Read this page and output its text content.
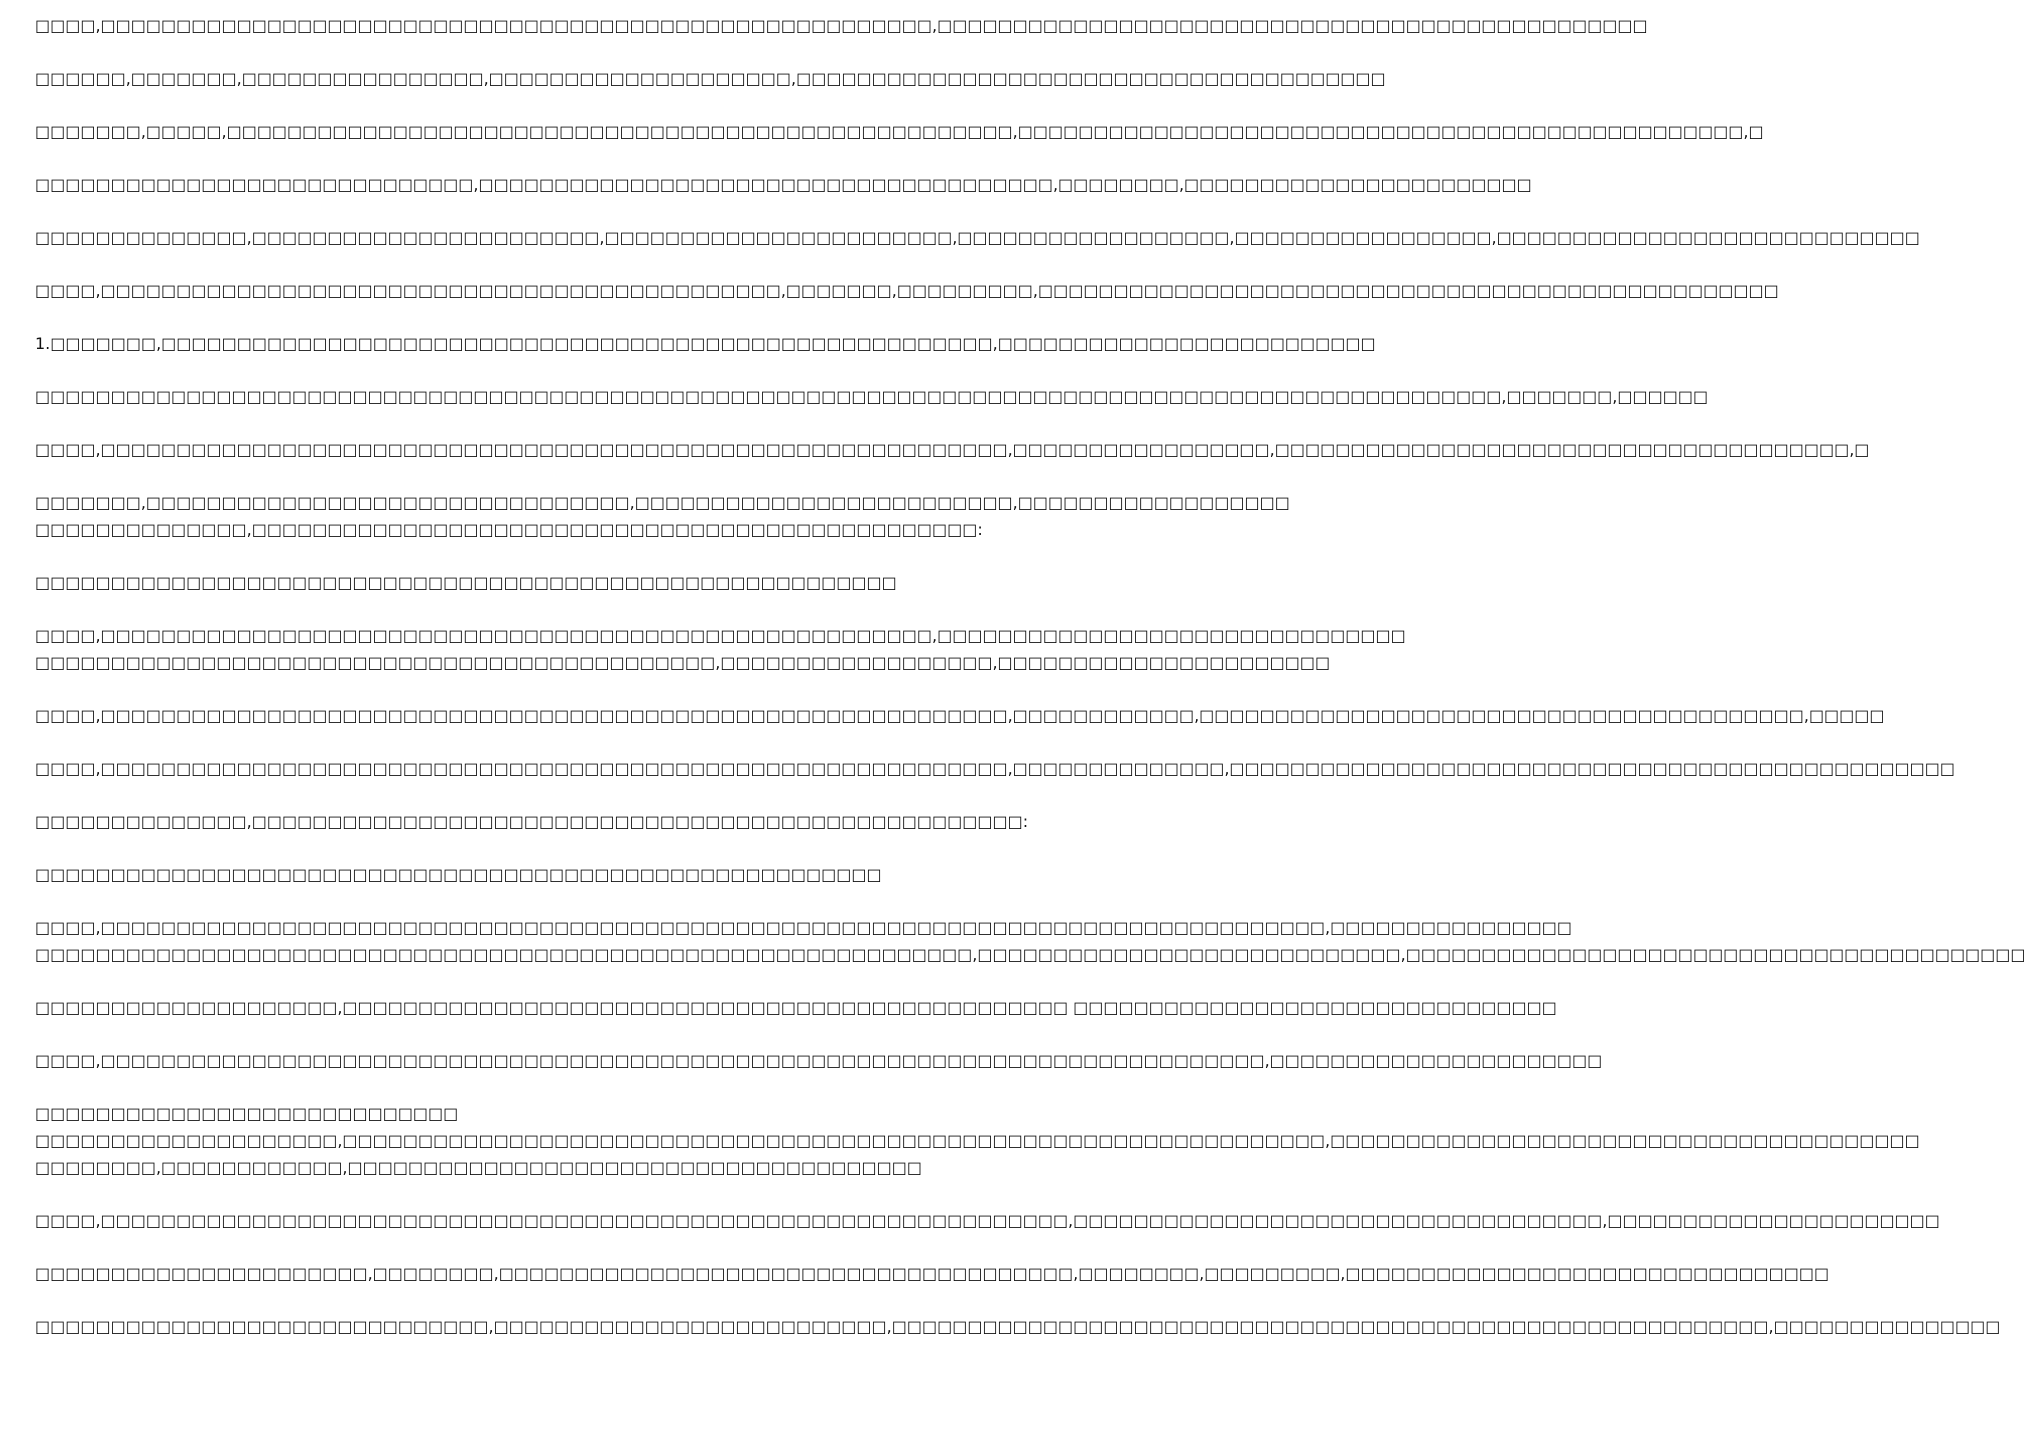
□□□□,□□□□□□□□□□□□□□□□□□□□□□□□□□□□□□□□□□□□□□□□□□□□□□□□□□□□□□□,□□□□□□□□□□□□□□□□□□□□□□□□□□□□□□□□□□□□□□□□□□□□□□□

□□□□□□,□□□□□□□,□□□□□□□□□□□□□□□□,□□□□□□□□□□□□□□□□□□□□,□□□□□□□□□□□□□□□□□□□□□□□□□□□□□□□□□□□□□□□

□□□□□□□,□□□□□,□□□□□□□□□□□□□□□□□□□□□□□□□□□□□□□□□□□□□□□□□□□□□□□□□□□□,□□□□□□□□□□□□□□□□□□□□□□□□□□□□□□□□□□□□□□□□□□□□□□□□,□

□□□□□□□□□□□□□□□□□□□□□□□□□□□□□,□□□□□□□□□□□□□□□□□□□□□□□□□□□□□□□□□□□□□□,□□□□□□□□,□□□□□□□□□□□□□□□□□□□□□□□

□□□□□□□□□□□□□□,□□□□□□□□□□□□□□□□□□□□□□□,□□□□□□□□□□□□□□□□□□□□□□□,□□□□□□□□□□□□□□□□□□,□□□□□□□□□□□□□□□□□,□□□□□□□□□□□□□□□□□□□□□□□□□□□□

□□□□,□□□□□□□□□□□□□□□□□□□□□□□□□□□□□□□□□□□□□□□□□□□□□,□□□□□□□,□□□□□□□□□,□□□□□□□□□□□□□□□□□□□□□□□□□□□□□□□□□□□□□□□□□□□□□□□□□

1.□□□□□□□,□□□□□□□□□□□□□□□□□□□□□□□□□□□□□□□□□□□□□□□□□□□□□□□□□□□□□□□,□□□□□□□□□□□□□□□□□□□□□□□□□

□□□□□□□□□□□□□□□□□□□□□□□□□□□□□□□□□□□□□□□□□□□□□□□□□□□□□□□□□□□□□□□□□□□□□□□□□□□□□□□□□□□□□□□□□□□□□□□□□,□□□□□□□,□□□□□□

□□□□,□□□□□□□□□□□□□□□□□□□□□□□□□□□□□□□□□□□□□□□□□□□□□□□□□□□□□□□□□□□□,□□□□□□□□□□□□□□□□□,□□□□□□□□□□□□□□□□□□□□□□□□□□□□□□□□□□□□□□,□

□□□□□□□,□□□□□□□□□□□□□□□□□□□□□□□□□□□□□□□□,□□□□□□□□□□□□□□□□□□□□□□□□□,□□□□□□□□□□□□□□□□□□
□□□□□□□□□□□□□□,□□□□□□□□□□□□□□□□□□□□□□□□□□□□□□□□□□□□□□□□□□□□□□□□:

□□□□□□□□□□□□□□□□□□□□□□□□□□□□□□□□□□□□□□□□□□□□□□□□□□□□□□□□□

□□□□,□□□□□□□□□□□□□□□□□□□□□□□□□□□□□□□□□□□□□□□□□□□□□□□□□□□□□□□,□□□□□□□□□□□□□□□□□□□□□□□□□□□□□□□
□□□□□□□□□□□□□□□□□□□□□□□□□□□□□□□□□□□□□□□□□□□□□,□□□□□□□□□□□□□□□□□□,□□□□□□□□□□□□□□□□□□□□□□

□□□□,□□□□□□□□□□□□□□□□□□□□□□□□□□□□□□□□□□□□□□□□□□□□□□□□□□□□□□□□□□□□,□□□□□□□□□□□□,□□□□□□□□□□□□□□□□□□□□□□□□□□□□□□□□□□□□□□□□,□□□□□

□□□□,□□□□□□□□□□□□□□□□□□□□□□□□□□□□□□□□□□□□□□□□□□□□□□□□□□□□□□□□□□□□,□□□□□□□□□□□□□□,□□□□□□□□□□□□□□□□□□□□□□□□□□□□□□□□□□□□□□□□□□□□□□□□

□□□□□□□□□□□□□□,□□□□□□□□□□□□□□□□□□□□□□□□□□□□□□□□□□□□□□□□□□□□□□□□□□□:

□□□□□□□□□□□□□□□□□□□□□□□□□□□□□□□□□□□□□□□□□□□□□□□□□□□□□□□□

□□□□,□□□□□□□□□□□□□□□□□□□□□□□□□□□□□□□□□□□□□□□□□□□□□□□□□□□□□□□□□□□□□□□□□□□□□□□□□□□□□□□□□,□□□□□□□□□□□□□□□□
□□□□□□□□□□□□□□□□□□□□□□□□□□□□□□□□□□□□□□□□□□□□□□□□□□□□□□□□□□□□□□,□□□□□□□□□□□□□□□□□□□□□□□□□□□□,□□□□□□□□□□□□□□□□□□□□□□□□□□□□□□□□□□□□□□□□□

□□□□□□□□□□□□□□□□□□□□,□□□□□□□□□□□□□□□□□□□□□□□□□□□□□□□□□□□□□□□□□□□□□□□□ □□□□□□□□□□□□□□□□□□□□□□□□□□□□□□□□

□□□□,□□□□□□□□□□□□□□□□□□□□□□□□□□□□□□□□□□□□□□□□□□□□□□□□□□□□□□□□□□□□□□□□□□□□□□□□□□□□□,□□□□□□□□□□□□□□□□□□□□□□

□□□□□□□□□□□□□□□□□□□□□□□□□□□□
□□□□□□□□□□□□□□□□□□□□,□□□□□□□□□□□□□□□□□□□□□□□□□□□□□□□□□□□□□□□□□□□□□□□□□□□□□□□□□□□□□□□□□,□□□□□□□□□□□□□□□□□□□□□□□□□□□□□□□□□□□□□□□
□□□□□□□□,□□□□□□□□□□□□,□□□□□□□□□□□□□□□□□□□□□□□□□□□□□□□□□□□□□□

□□□□,□□□□□□□□□□□□□□□□□□□□□□□□□□□□□□□□□□□□□□□□□□□□□□□□□□□□□□□□□□□□□□□□,□□□□□□□□□□□□□□□□□□□□□□□□□□□□□□□□□□□,□□□□□□□□□□□□□□□□□□□□□□

□□□□□□□□□□□□□□□□□□□□□□,□□□□□□□□,□□□□□□□□□□□□□□□□□□□□□□□□□□□□□□□□□□□□□□,□□□□□□□□,□□□□□□□□□,□□□□□□□□□□□□□□□□□□□□□□□□□□□□□□□□

□□□□□□□□□□□□□□□□□□□□□□□□□□□□□□,□□□□□□□□□□□□□□□□□□□□□□□□□□,□□□□□□□□□□□□□□□□□□□□□□□□□□□□□□□□□□□□□□□□□□□□□□□□□□□□□□□□□□,□□□□□□□□□□□□□□□
